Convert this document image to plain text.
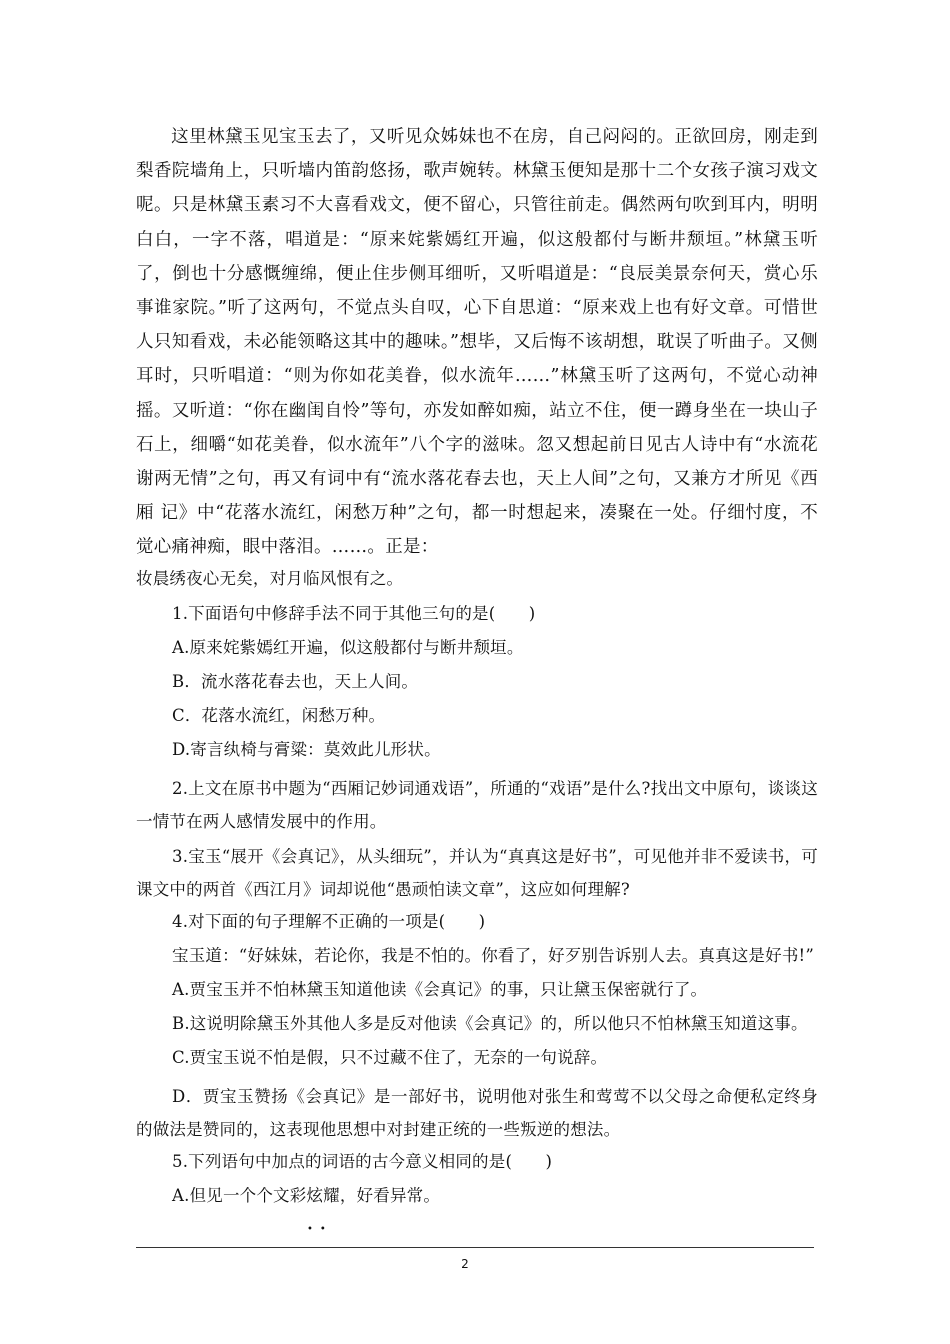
这里林黛玉见宝玉去了，又听见众姊妹也不在房，自己闷闷的。正欲回房，刚走到梨香院墙角上，只听墙内笛韵悠扬，歌声婉转。林黛玉便知是那十二个女孩子演习戏文呢。只是林黛玉素习不大喜看戏文，便不留心，只管往前走。偶然两句吹到耳内，明明白白，一字不落，唱道是：“原来姹紫嫣红开遍，似这般都付与断井颓垣。”林黛玉听了，倒也十分感慨缠绵，便止住步侧耳细听，又听唱道是：“良辰美景奈何天，赏心乐事谁家院。”听了这两句，不觉点头自叹，心下自思道：“原来戏上也有好文章。可惜世人只知看戏，未必能领略这其中的趣味。”想毕，又后悔不该胡想，耽误了听曲子。又侧耳时，只听唱道：“则为你如花美眷，似水流年……”林黛玉听了这两句，不觉心动神摇。又听道：“你在幽闺自怜”等句，亦发如醉如痴，站立不住，便一蹲身坐在一块山子石上，细嚼“如花美眷，似水流年”八个字的滋味。忽又想起前日见古人诗中有“水流花谢两无情”之句，再又有词中有“流水落花春去也，天上人间”之句，又兼方才所见《西厢 记》中“花落水流红，闲愁万种”之句，都一时想起来，凑聚在一处。仔细忖度，不觉心痛神痴，眼中落泪。……。正是：

妆晨绣夜心无矣，对月临风恨有之。

1.下面语句中修辞手法不同于其他三句的是(　　)

A.原来姹紫嫣红开遍，似这般都付与断井颓垣。

B．流水落花春去也，天上人间。

C．花落水流红，闲愁万种。

D.寄言纨椅与膏粱：莫效此儿形状。

2.上文在原书中题为“西厢记妙词通戏语”，所通的“戏语”是什么?找出文中原句，谈谈这一情节在两人感情发展中的作用。

3.宝玉“展开《会真记》，从头细玩”，并认为“真真这是好书”，可见他并非不爱读书，可课文中的两首《西江月》词却说他“愚顽怕读文章”，这应如何理解?

4.对下面的句子理解不正确的一项是(　　)

宝玉道：“好妹妹，若论你，我是不怕的。你看了，好歹别告诉别人去。真真这是好书!”

A.贾宝玉并不怕林黛玉知道他读《会真记》的事，只让黛玉保密就行了。

B.这说明除黛玉外其他人多是反对他读《会真记》的，所以他只不怕林黛玉知道这事。

C.贾宝玉说不怕是假，只不过藏不住了，无奈的一句说辞。

D．贾宝玉赞扬《会真记》是一部好书，说明他对张生和莺莺不以父母之命便私定终身的做法是赞同的，这表现他思想中对封建正统的一些叛逆的想法。

5.下列语句中加点的词语的古今意义相同的是(　　)

A.但见一个个文彩炫耀，好看异常。

••
2
